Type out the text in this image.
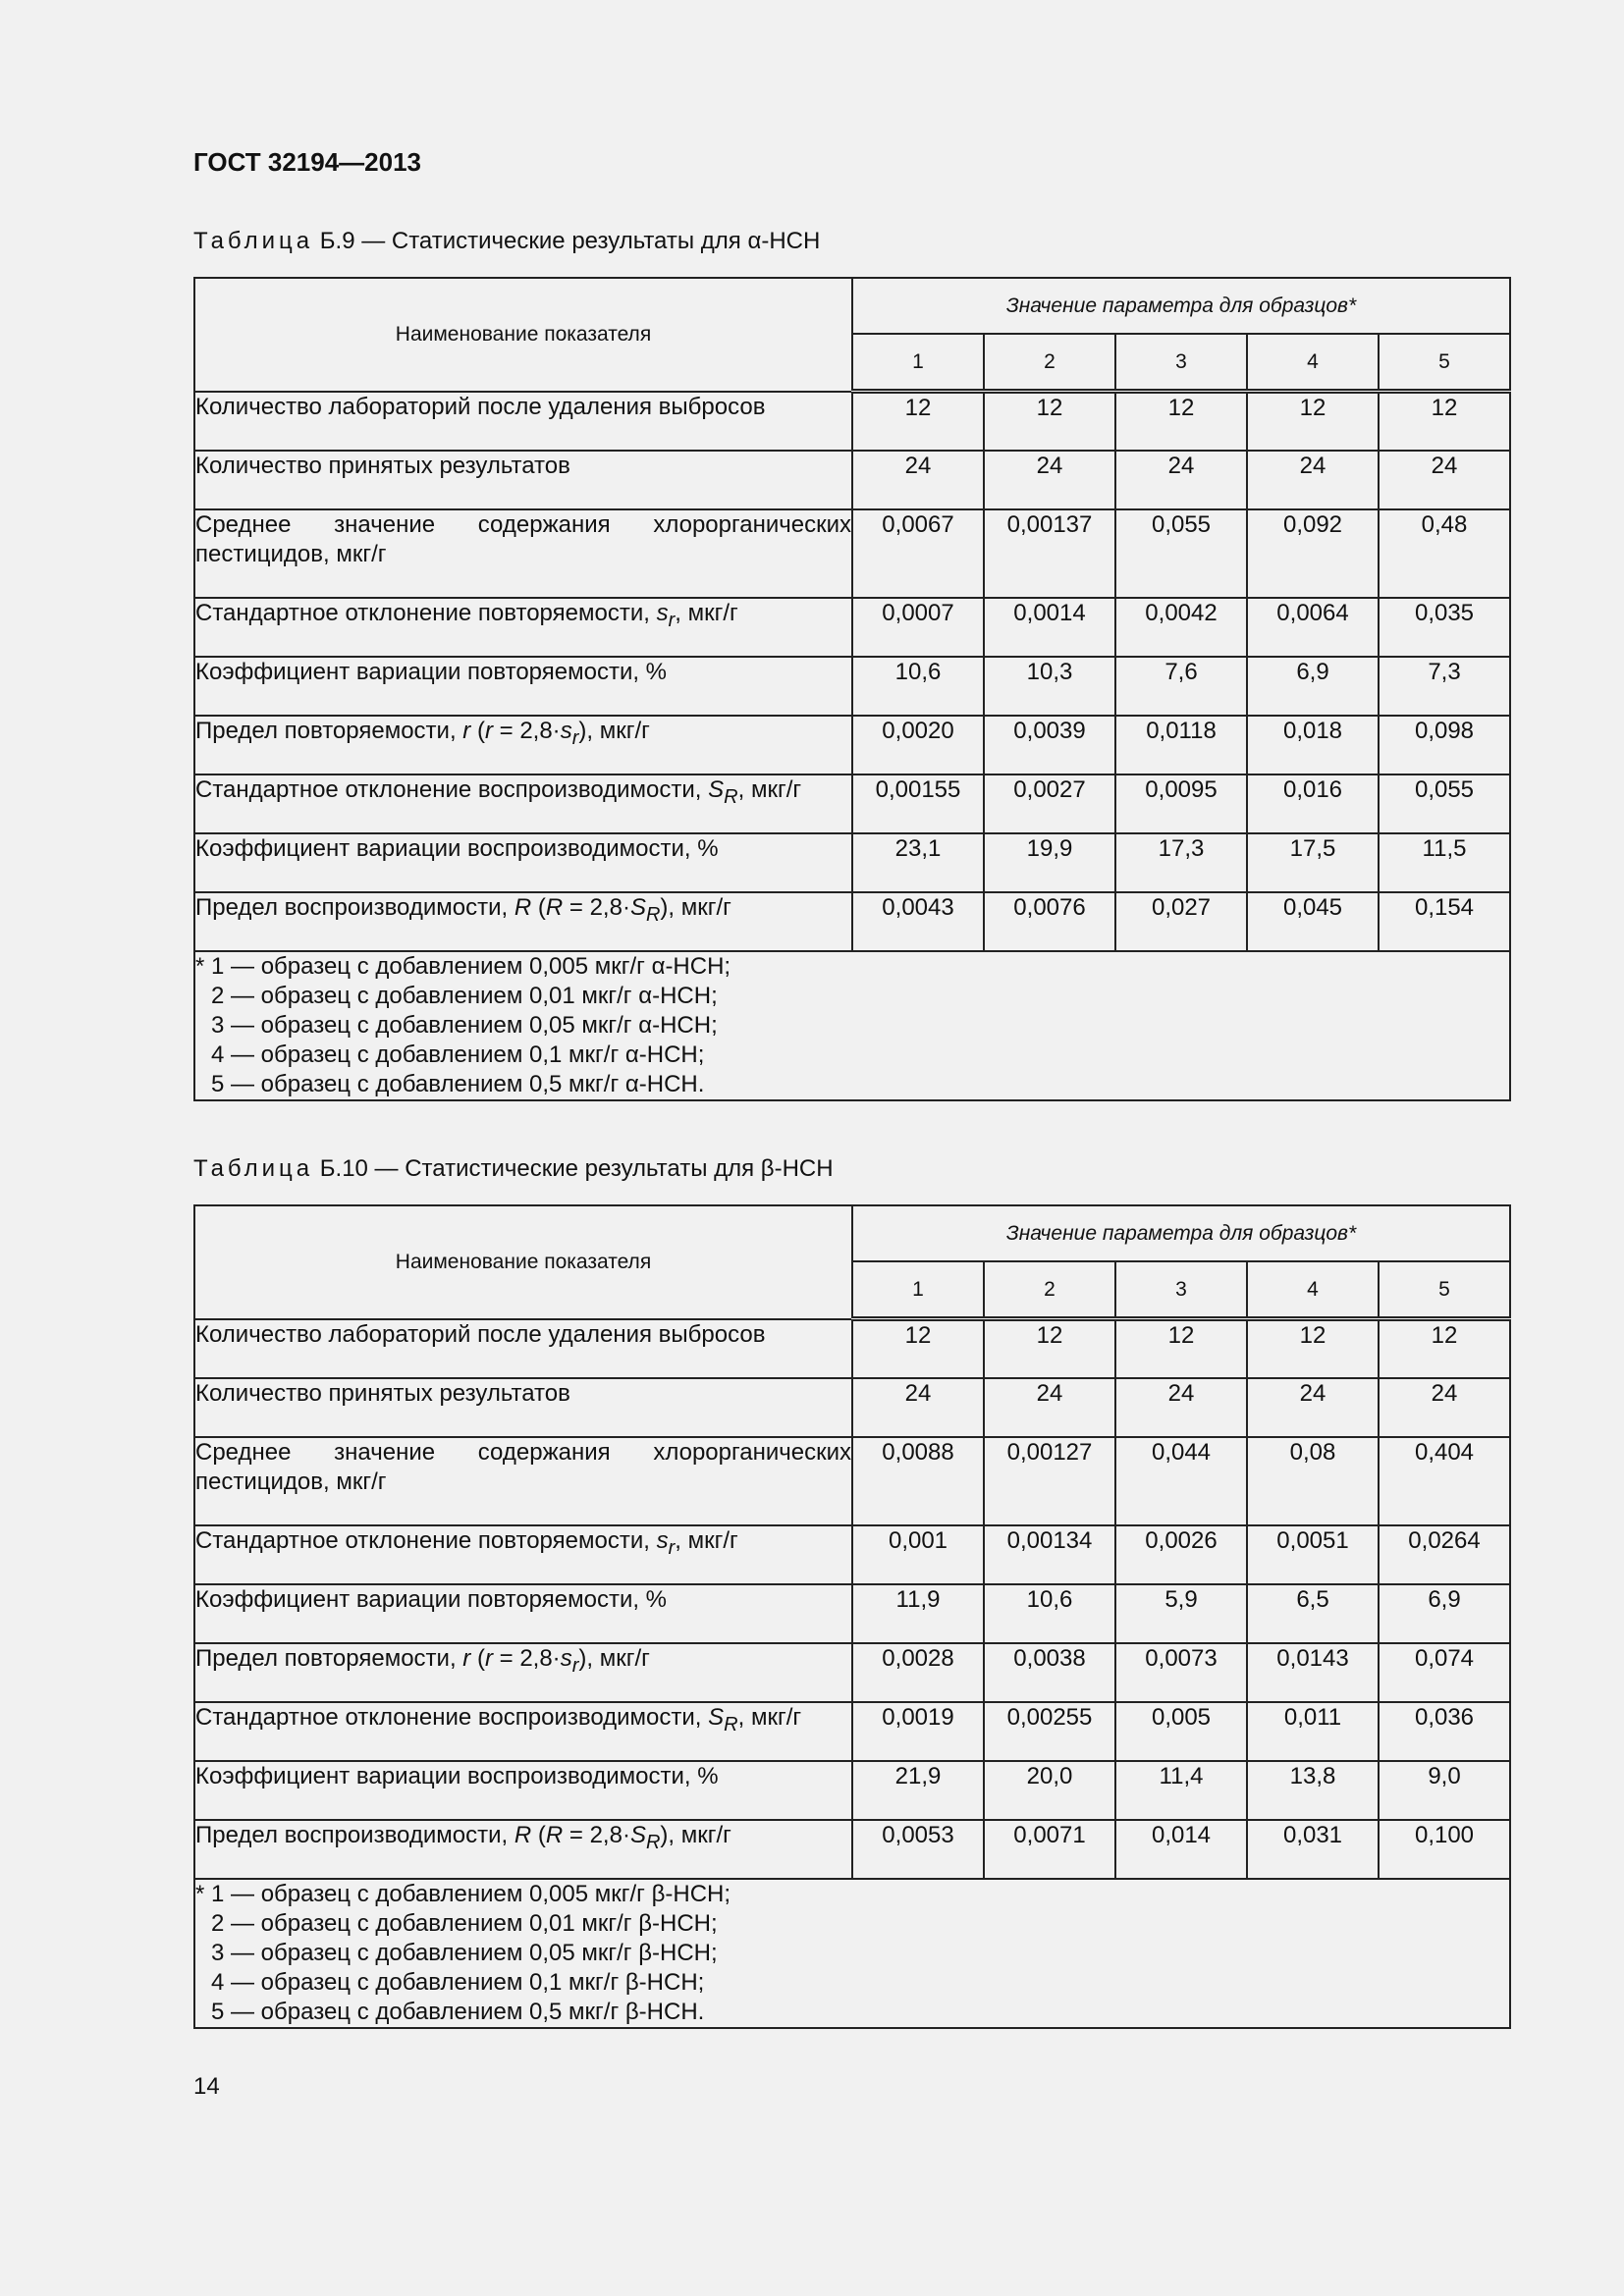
ГОСТ 32194—2013
Таблица Б.9 — Статистические результаты для α-HCH
Наименование показателя	Значение параметра для образцов*				
	1	2	3	4	5
Количество лабораторий после удаления выбросов	12	12	12	12	12
Количество принятых результатов	24	24	24	24	24
Среднее значение содержания хлорорганических пестицидов, мкг/г	0,0067	0,00137	0,055	0,092	0,48
Стандартное отклонение повторяемости, $s_r$, мкг/г	0,0007	0,0014	0,0042	0,0064	0,035
Коэффициент вариации повторяемости, %	10,6	10,3	7,6	6,9	7,3
Предел повторяемости, r $(r = 2,8\cdot s_r)$, мкг/г	0,0020	0,0039	0,0118	0,018	0,098
Стандартное отклонение воспроизводимости, $S_R$, мкг/г	0,00155	0,0027	0,0095	0,016	0,055
Коэффициент вариации воспроизводимости, %	23,1	19,9	17,3	17,5	11,5
Предел воспроизводимости, R $(R = 2,8\cdot S_R)$, мкг/г	0,0043	0,0076	0,027	0,045	0,154

* 1 — образец с добавлением 0,005 мкг/г α-HCH;
2 — образец с добавлением 0,01 мкг/г α-HCH;
3 — образец с добавлением 0,05 мкг/г α-HCH;
4 — образец с добавлением 0,1 мкг/г α-HCH;
5 — образец с добавлением 0,5 мкг/г α-HCH.					
Таблица Б.10 — Статистические результаты для β-HCH
Наименование показателя	Значение параметра для образцов*				
	1	2	3	4	5
Количество лабораторий после удаления выбросов	12	12	12	12	12
Количество принятых результатов	24	24	24	24	24
Среднее значение содержания хлорорганических пестицидов, мкг/г	0,0088	0,00127	0,044	0,08	0,404
Стандартное отклонение повторяемости, $s_r$, мкг/г	0,001	0,00134	0,0026	0,0051	0,0264
Коэффициент вариации повторяемости, %	11,9	10,6	5,9	6,5	6,9
Предел повторяемости, r $(r = 2,8\cdot s_r)$, мкг/г	0,0028	0,0038	0,0073	0,0143	0,074
Стандартное отклонение воспроизводимости, $S_R$, мкг/г	0,0019	0,00255	0,005	0,011	0,036
Коэффициент вариации воспроизводимости, %	21,9	20,0	11,4	13,8	9,0
Предел воспроизводимости, R $(R = 2,8\cdot S_R)$, мкг/г	0,0053	0,0071	0,014	0,031	0,100

* 1 — образец с добавлением 0,005 мкг/г β-HCH;
2 — образец с добавлением 0,01 мкг/г β-HCH;
3 — образец с добавлением 0,05 мкг/г β-HCH;
4 — образец с добавлением 0,1 мкг/г β-HCH;
5 — образец с добавлением 0,5 мкг/г β-HCH.					
14
